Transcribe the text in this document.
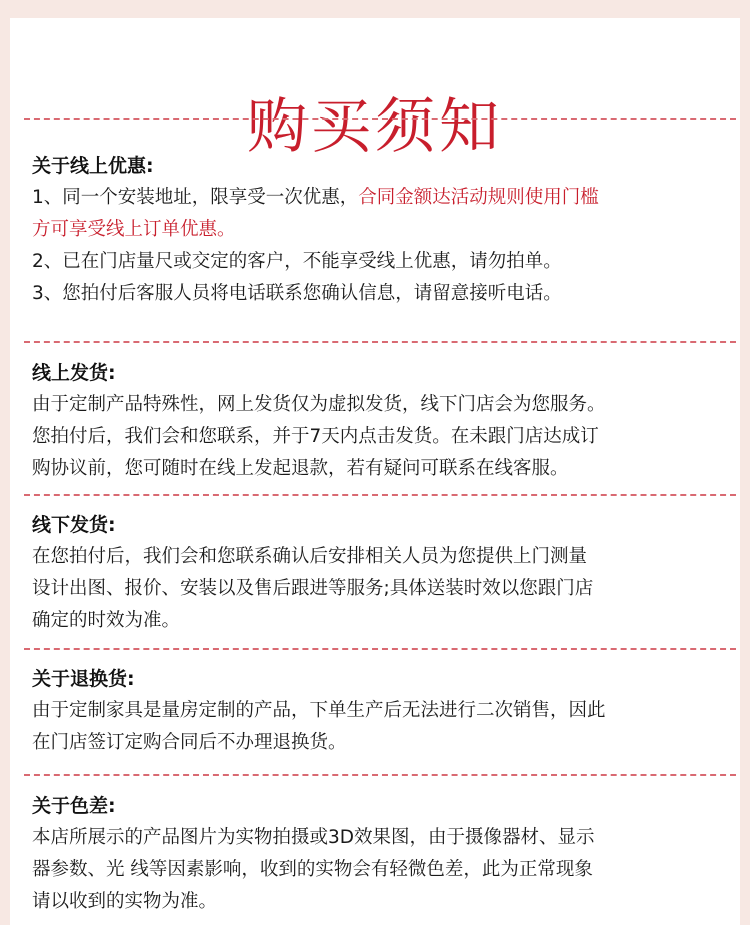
购买须知

关于线上优惠:

1、同一个安装地址，限享受一次优惠，合同金额达活动规则使用门槛

方可享受线上订单优惠。

2、已在门店量尺或交定的客户，不能享受线上优惠，请勿拍单。

3、您拍付后客服人员将电话联系您确认信息，请留意接听电话。

线上发货:

由于定制产品特殊性，网上发货仅为虚拟发货，线下门店会为您服务。

您拍付后，我们会和您联系，并于7天内点击发货。在未跟门店达成订

购协议前，您可随时在线上发起退款，若有疑问可联系在线客服。

线下发货:

在您拍付后，我们会和您联系确认后安排相关人员为您提供上门测量

设计出图、报价、安装以及售后跟进等服务;具体送装时效以您跟门店

确定的时效为准。

关于退换货:

由于定制家具是量房定制的产品，下单生产后无法进行二次销售，因此

在门店签订定购合同后不办理退换货。

关于色差:

本店所展示的产品图片为实物拍摄或3D效果图，由于摄像器材、显示

器参数、光 线等因素影响，收到的实物会有轻微色差，此为正常现象

请以收到的实物为准。
